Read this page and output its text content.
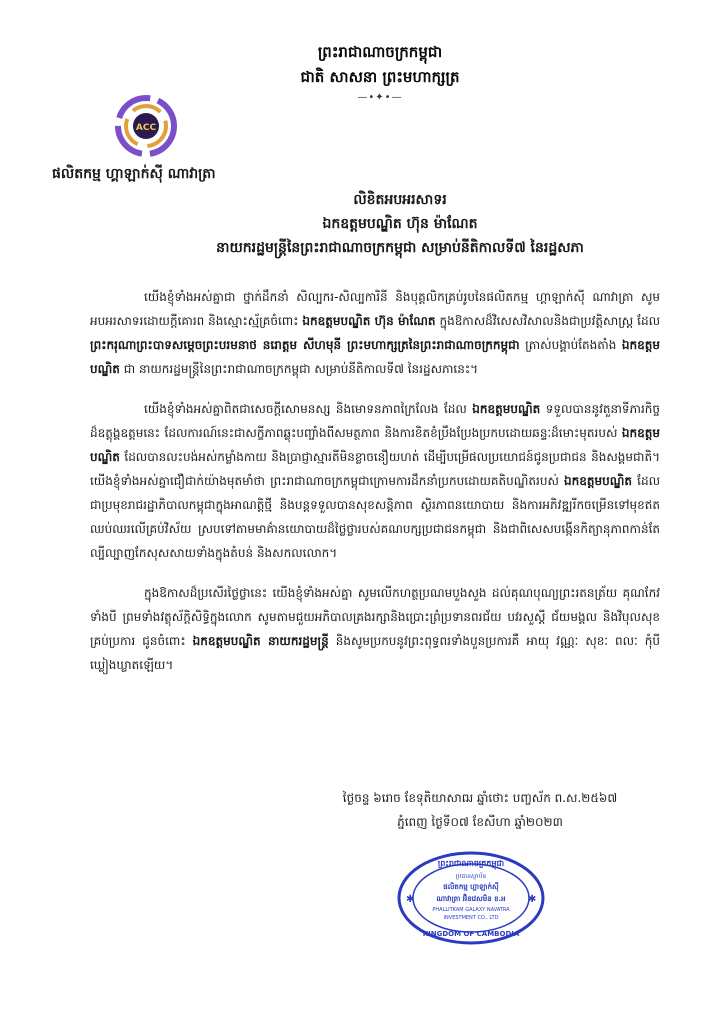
ព្រះរាជាណាចក្រកម្ពុជា
ជាតិ សាសនា ព្រះមហាក្សត្រ
—•✦•—
ACC
ផលិតកម្ម ហ្គាឡាក់ស៊ី ណាវាត្រា
លិខិតអបអរសាទរ
ឯកឧត្តមបណ្ឌិត ហ៊ុន ម៉ាណែត
នាយករដ្ឋមន្ត្រីនៃព្រះរាជាណាចក្រកម្ពុជា សម្រាប់នីតិកាលទី៧ នៃរដ្ឋសភា

យើងខ្ញុំទាំងអស់គ្នាជា ថ្នាក់ដឹកនាំ សិល្បករ-សិល្បការិនី និងបុគ្គលិកគ្រប់រូបនៃផលិតកម្ម ហ្គាឡាក់ស៊ី ណាវាត្រា សូម អបអរសាទរដោយក្តីគោរព និងស្មោះស្ម័គ្រចំពោះ ឯកឧត្តមបណ្ឌិត ហ៊ុន ម៉ាណែត ក្នុងឱកាសដ៏វិសេសវិសាលនិងជាប្រវត្តិសាស្ត្រ ដែល ព្រះករុណាព្រះបាទសម្តេចព្រះបរមនាថ នរោត្តម សីហមុនី ព្រះមហាក្សត្រនៃព្រះរាជាណាចក្រកម្ពុជា ត្រាស់បង្គាប់តែងតាំង ឯកឧត្តមបណ្ឌិត ជា នាយករដ្ឋមន្ត្រីនៃព្រះរាជាណាចក្រកម្ពុជា សម្រាប់នីតិកាលទី៧ នៃរដ្ឋសភានេះ។

យើងខ្ញុំទាំងអស់គ្នាពិតជាសេចក្តីសោមនស្ស និងមោទនភាពក្រៃលែង ដែល ឯកឧត្តមបណ្ឌិត ទទួលបាននូវតួនាទីភារកិច្ចដ៏ឧត្តុង្គឧត្តមនេះ ដែលការណ៍នេះជាសក្ខីភាពឆ្លុះបញ្ចាំងពីសមត្ថភាព និងការខិតខំប្រឹងប្រែងប្រកបដោយឆន្ទៈដ៏មោះមុតរបស់ ឯកឧត្តមបណ្ឌិត ដែលបានលះបង់អស់កម្លាំងកាយ និងប្រាជ្ញាស្មារតីមិនខ្លាចនឿយហត់ ដើម្បីបម្រើផលប្រយោជន៍ជូនប្រជាជន និងសង្គមជាតិ។ យើងខ្ញុំទាំងអស់គ្នាជឿជាក់យ៉ាងមុតមាំថា ព្រះរាជាណាចក្រកម្ពុជាក្រោមការដឹកនាំប្រកបដោយគតិបណ្ឌិតរបស់ ឯកឧត្តមបណ្ឌិត ដែលជាប្រមុខរាជរដ្ឋាភិបាលកម្ពុជាក្នុងអាណត្តិថ្មី និងបន្តទទួលបានសុខសន្តិភាព ស្ថិរភាពនយោបាយ និងការអភិវឌ្ឍរីកចម្រើនទៅមុខឥតឈប់ឈរលើគ្រប់វិស័យ ស្របទៅតាមមាគ៌ានយោបាយដ៏ថ្លៃថ្លារបស់គណបក្សប្រជាជនកម្ពុជា និងជាពិសេសបង្កើនកិត្យានុភាពកាន់តែល្បីល្បាញកែសុសសាយទាំងក្នុងតំបន់ និងសកលលោក។

ក្នុងឱកាសដ៏ប្រសើរថ្លៃថ្លានេះ យើងខ្ញុំទាំងអស់គ្នា សូមលើកហត្ថប្រណមបួងសួង ដល់គុណបុណ្យព្រះរតនត្រ័យ គុណកែវទាំងបី ព្រមទាំងវត្ថុស័ក្តិសិទ្ធិក្នុងលោក សូមតាមជួយអភិបាលគ្រងរក្សានិងប្រោះព្រំប្រទានពរជ័យ បវរសួស្តី ជ័យមង្គល និងវិបុលសុខគ្រប់ប្រការ ជូនចំពោះ ឯកឧត្តមបណ្ឌិត នាយករដ្ឋមន្ត្រី និងសូមប្រកបនូវព្រះពុទ្ធពរទាំងបួនប្រការគឺ អាយុ វណ្ណៈ សុខៈ ពលៈ កុំបីឃ្លៀងឃ្លាតឡើយ។

ថ្ងៃចន្ទ ៦រោច ខែទុតិយាសាឍ ឆ្នាំថោះ បញ្ចស័ក ព.ស.២៥៦៧
ភ្នំពេញ ថ្ងៃទី០៧ ខែសីហា ឆ្នាំ២០២៣
ព្រះរាជាណាចក្រកម្ពុជា
ប្រធានស្ថាប័ន
ផលិតកម្ម ហ្គាឡាក់ស៊ី
ណាវាត្រា អ៊ិនវេសមិន ខ.អ
PHALLITKAM GALAXY NAVATRA
INVESTMENT CO., LTD
KINGDOM OF CAMBODIA
✱	✱
